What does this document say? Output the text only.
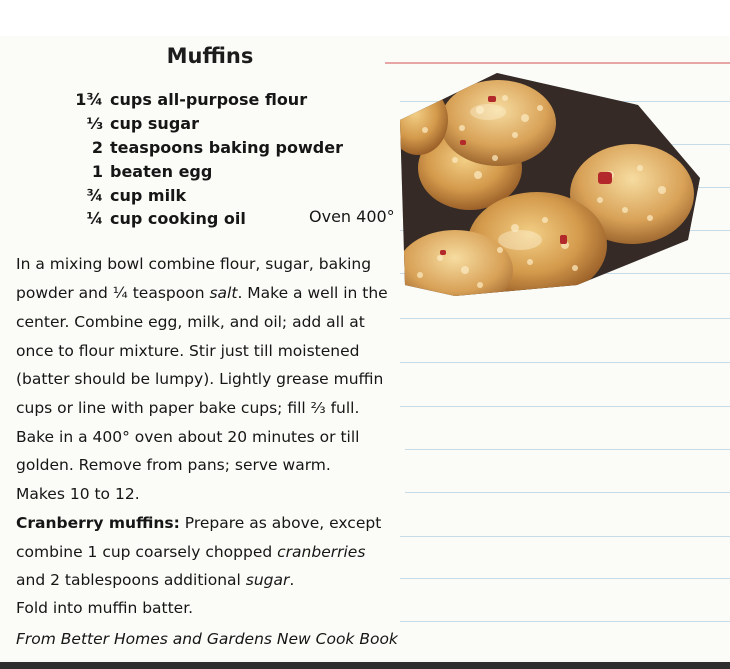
Muffins
1¾ cups all-purpose flour
⅓ cup sugar
2 teaspoons baking powder
1 beaten egg
¾ cup milk
¼ cup cooking oil	Oven 400°
In a mixing bowl combine flour, sugar, baking
powder and ¼ teaspoon salt. Make a well in the
center. Combine egg, milk, and oil; add all at
once to flour mixture. Stir just till moistened
(batter should be lumpy). Lightly grease muffin
cups or line with paper bake cups; fill ⅔ full.
Bake in a 400° oven about 20 minutes or till
golden. Remove from pans; serve warm.
Makes 10 to 12.
Cranberry muffins: Prepare as above, except
combine 1 cup coarsely chopped cranberries
and 2 tablespoons additional sugar.
Fold into muffin batter.
From Better Homes and Gardens New Cook Book
